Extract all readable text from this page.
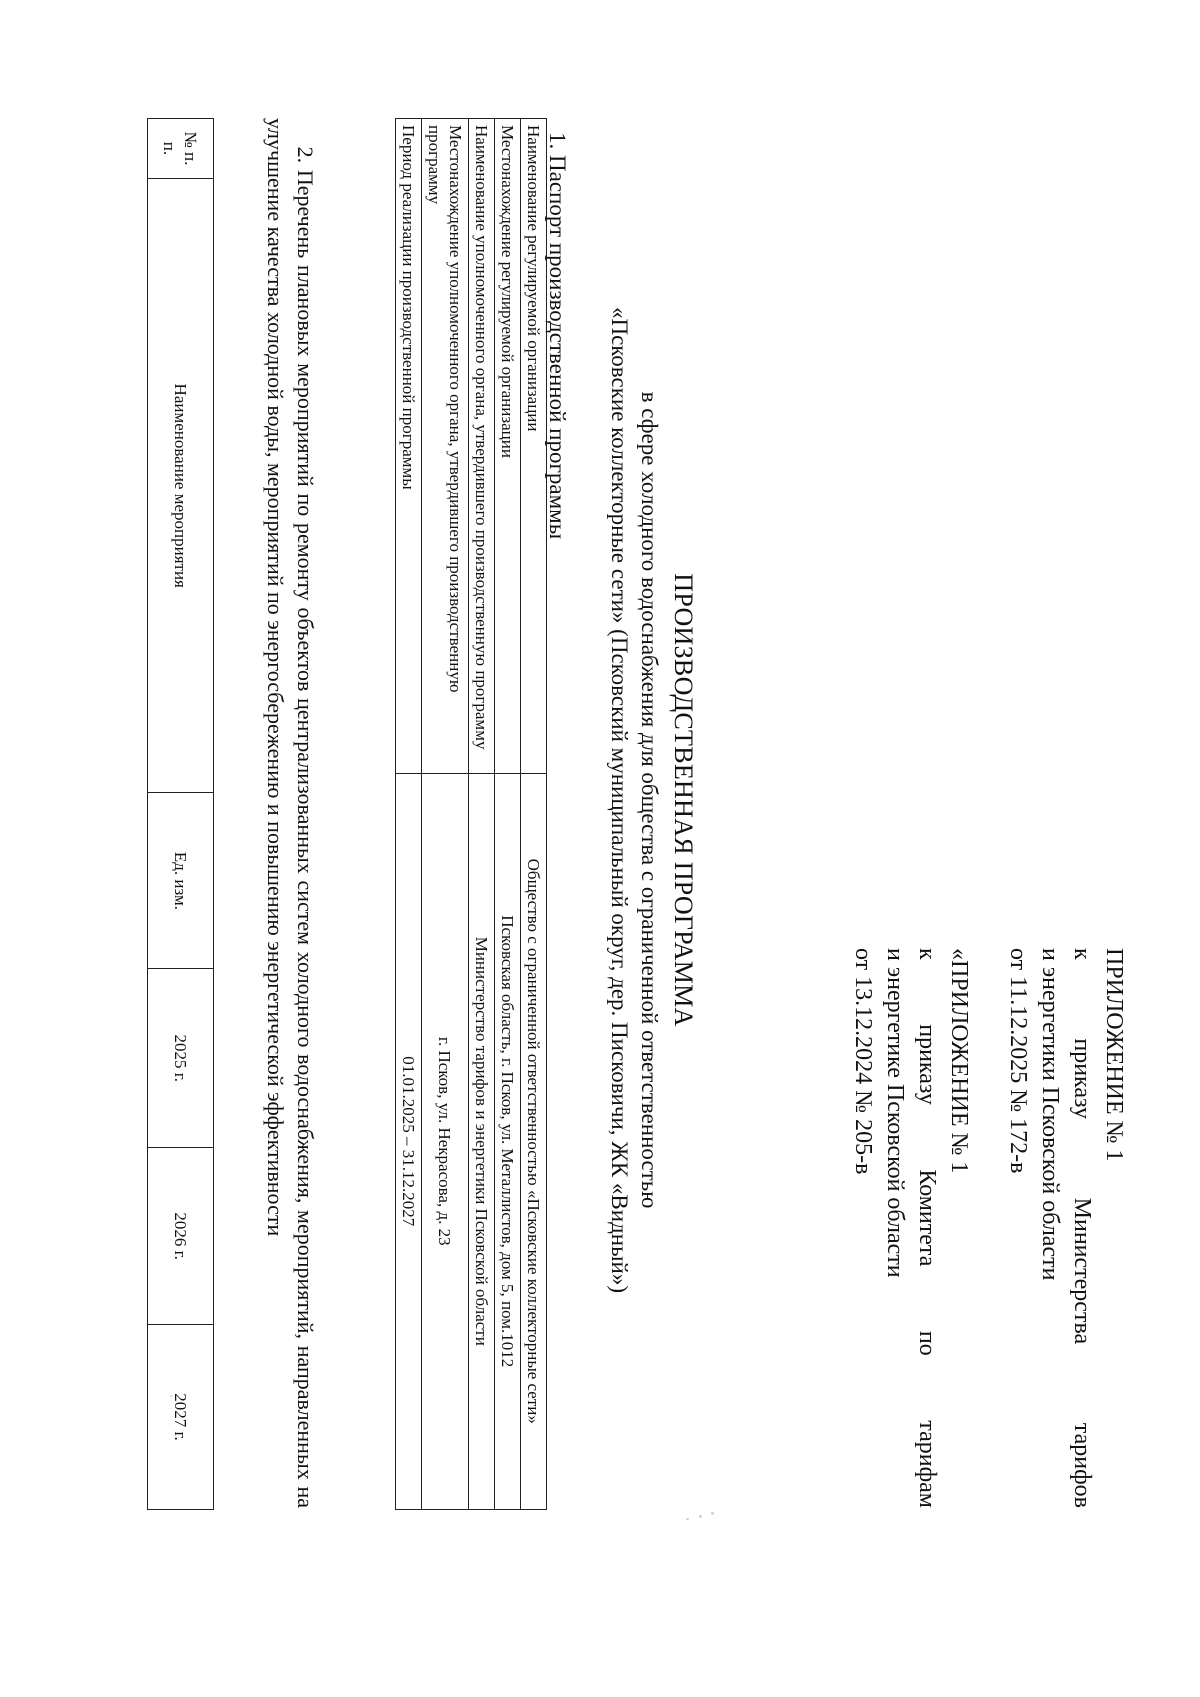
ПРИЛОЖЕНИЕ № 1
к
приказу
Министерства
тарифов
и энергетики Псковской области
от 11.12.2025 № 172-в
«ПРИЛОЖЕНИЕ № 1
к
приказу
Комитета
по
тарифам
и энергетике Псковской области
от 13.12.2024 № 205-в
ПРОИЗВОДСТВЕННАЯ ПРОГРАММА
в сфере холодного водоснабжения для общества с ограниченной ответственностью
«Псковские коллекторные сети» (Псковский муниципальный округ, дер. Писковичи, ЖК «Видный»)
1. Паспорт производственной программы
Наименование регулируемой организации	Общество с ограниченной ответственностью «Псковские коллекторные сети»
Местонахождение регулируемой организации	Псковская область, г. Псков, ул. Металлистов, дом 5, пом.1012
Наименование уполномоченного органа, утвердившего производственную программу	Министерство тарифов и энергетики Псковской области
Местонахождение уполномоченного органа, утвердившего производственную программу	г. Псков, ул. Некрасова, д. 23
Период реализации производственной программы	01.01.2025 – 31.12.2027
2. Перечень плановых мероприятий по ремонту объектов централизованных систем холодного водоснабжения, мероприятий, направленных на улучшение качества холодной воды, мероприятий по энергосбережению и повышению энергетической эффективности
№ п. п.	Наименование мероприятия	Ед. изм.	2025 г.	2026 г.	2027 г.
